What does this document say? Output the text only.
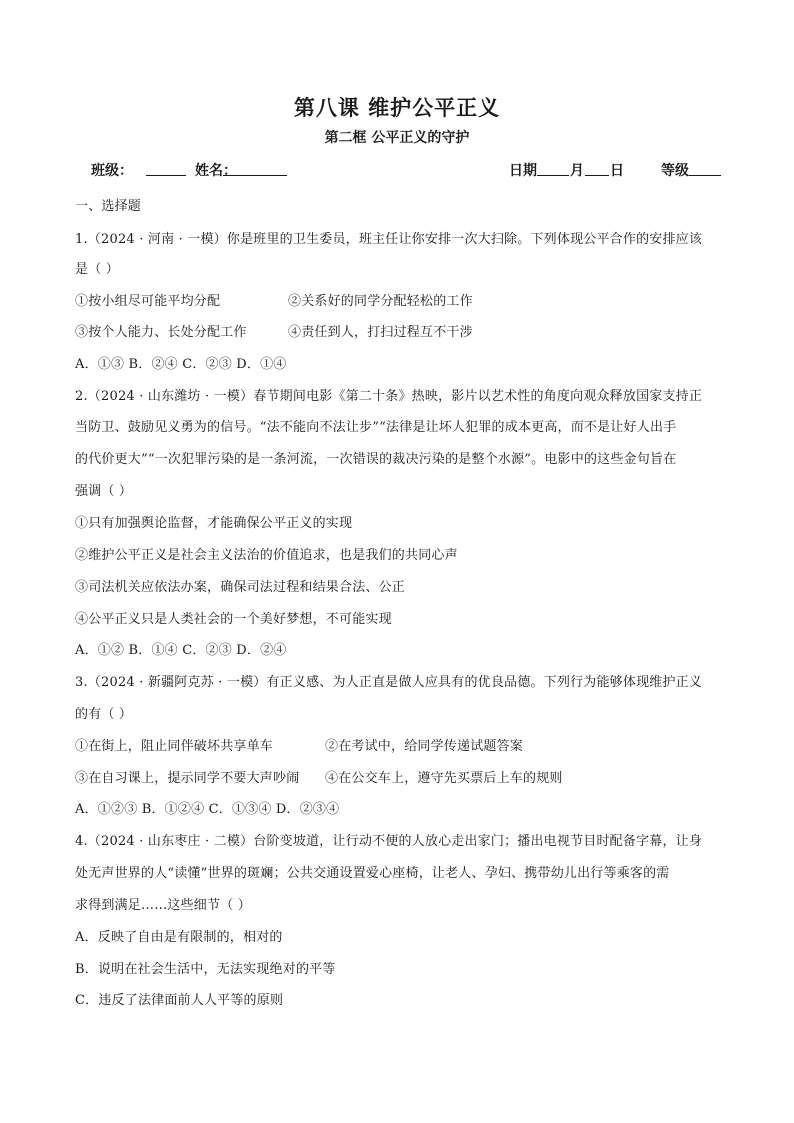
第八课 维护公平正义
第二框 公平正义的守护
班级：	姓名：	日期 月 日	等级
一、选择题
1.（2024 · 河南 · 一模）你是班里的卫生委员，班主任让你安排一次大扫除。下列体现公平合作的安排应该
是（ ）
①按小组尽可能平均分配	②关系好的同学分配轻松的工作
③按个人能力、长处分配工作	④责任到人，打扫过程互不干涉
A．①③ B．②④ C．②③ D．①④
2.（2024 · 山东潍坊 · 一模）春节期间电影《第二十条》热映，影片以艺术性的角度向观众释放国家支持正
当防卫、鼓励见义勇为的信号。“法不能向不法让步”“法律是让坏人犯罪的成本更高，而不是让好人出手
的代价更大”“一次犯罪污染的是一条河流，一次错误的裁决污染的是整个水源”。电影中的这些金句旨在
强调（ ）
①只有加强舆论监督，才能确保公平正义的实现
②维护公平正义是社会主义法治的价值追求，也是我们的共同心声
③司法机关应依法办案，确保司法过程和结果合法、公正
④公平正义只是人类社会的一个美好梦想，不可能实现
A．①② B．①④ C．②③ D．②④
3.（2024 · 新疆阿克苏 · 一模）有正义感、为人正直是做人应具有的优良品德。下列行为能够体现维护正义
的有（ ）
①在街上，阻止同伴破坏共享单车	②在考试中，给同学传递试题答案
③在自习课上，提示同学不要大声吵闹	④在公交车上，遵守先买票后上车的规则
A．①②③ B．①②④ C．①③④ D．②③④
4.（2024 · 山东枣庄 · 二模）台阶变坡道，让行动不便的人放心走出家门；播出电视节目时配备字幕，让身
处无声世界的人“读懂”世界的斑斓；公共交通设置爱心座椅，让老人、孕妇、携带幼儿出行等乘客的需
求得到满足……这些细节（ ）
A．反映了自由是有限制的，相对的
B．说明在社会生活中，无法实现绝对的平等
C．违反了法律面前人人平等的原则
